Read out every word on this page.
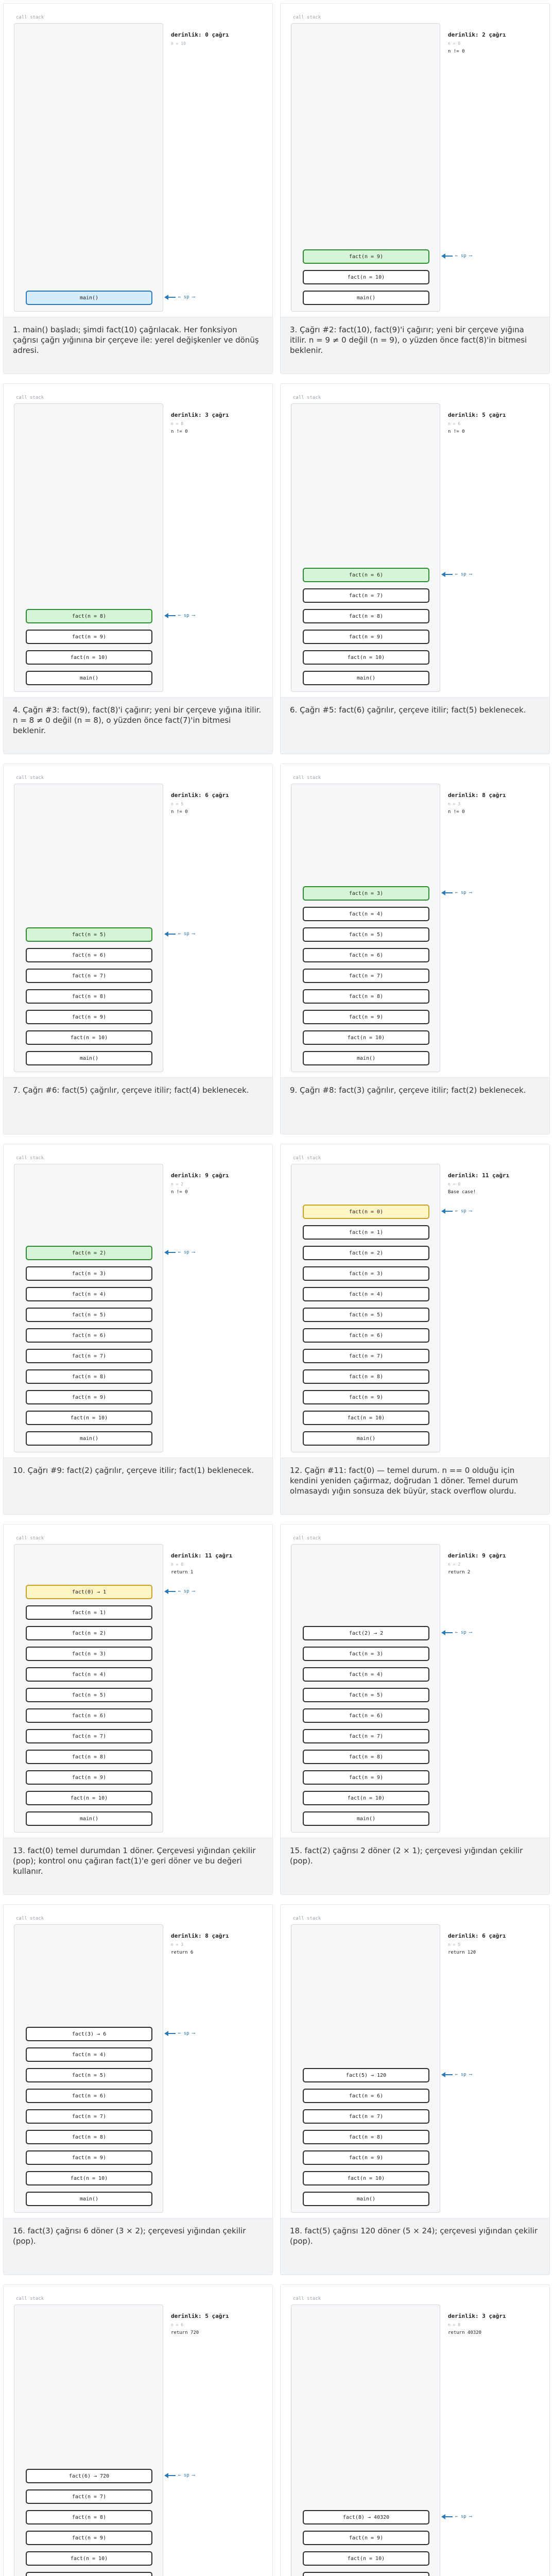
call stack
main()	← sp ⟶
derinlik: 0 çağrı
n = 10
1. main() başladı; şimdi fact(10) çağrılacak. Her fonksiyon çağrısı çağrı yığınına bir çerçeve ile: yerel değişkenler ve dönüş adresi.
call stack
main()
fact(n = 9)
fact(n = 10)
← sp ⟶
derinlik: 2 çağrı
n = 9
n != 0
3. Çağrı #2: fact(10), fact(9)'i çağırır; yeni bir çerçeve yığına itilir. n = 9 ≠ 0 değil (n = 9), o yüzden önce fact(8)'in bitmesi beklenir.
call stack
main()
fact(n = 8)
fact(n = 9)
fact(n = 10)
← sp ⟶
derinlik: 3 çağrı
n = 8
n != 0
4. Çağrı #3: fact(9), fact(8)'i çağırır; yeni bir çerçeve yığına itilir. n = 8 ≠ 0 değil (n = 8), o yüzden önce fact(7)'in bitmesi beklenir.
call stack
main()
fact(n = 6)
fact(n = 7)
fact(n = 8)
fact(n = 9)
fact(n = 10)
← sp ⟶
derinlik: 5 çağrı
n = 6
n != 0
6. Çağrı #5: fact(6) çağrılır, çerçeve itilir; fact(5) beklenecek.
call stack
main()
fact(n = 5)
fact(n = 6)
fact(n = 7)
fact(n = 8)
fact(n = 9)
fact(n = 10)
← sp ⟶
derinlik: 6 çağrı
n = 5
n != 0
7. Çağrı #6: fact(5) çağrılır, çerçeve itilir; fact(4) beklenecek.
call stack
main()
fact(n = 3)
fact(n = 4)
fact(n = 5)
fact(n = 6)
fact(n = 7)
fact(n = 8)
fact(n = 9)
fact(n = 10)
← sp ⟶
derinlik: 8 çağrı
n = 3
n != 0
9. Çağrı #8: fact(3) çağrılır, çerçeve itilir; fact(2) beklenecek.
call stack
main()
fact(n = 2)
fact(n = 3)
fact(n = 4)
fact(n = 5)
fact(n = 6)
fact(n = 7)
fact(n = 8)
fact(n = 9)
fact(n = 10)
← sp ⟶
derinlik: 9 çağrı
n = 2
n != 0
10. Çağrı #9: fact(2) çağrılır, çerçeve itilir; fact(1) beklenecek.
call stack
main()
fact(n = 0)
fact(n = 1)
fact(n = 2)
fact(n = 3)
fact(n = 4)
fact(n = 5)
fact(n = 6)
fact(n = 7)
fact(n = 8)
fact(n = 9)
fact(n = 10)
← sp ⟶
derinlik: 11 çağrı
n = 0
Base case!
12. Çağrı #11: fact(0) — temel durum. n == 0 olduğu için kendini yeniden çağırmaz, doğrudan 1 döner. Temel durum olmasaydı yığın sonsuza dek büyür, stack overflow olurdu.
call stack
main()
fact(0) → 1
fact(n = 1)
fact(n = 2)
fact(n = 3)
fact(n = 4)
fact(n = 5)
fact(n = 6)
fact(n = 7)
fact(n = 8)
fact(n = 9)
fact(n = 10)
← sp ⟶
derinlik: 11 çağrı
n = 0
return 1
13. fact(0) temel durumdan 1 döner. Çerçevesi yığından çekilir (pop); kontrol onu çağıran fact(1)'e geri döner ve bu değeri kullanır.
call stack
main()
fact(2) → 2
fact(n = 3)
fact(n = 4)
fact(n = 5)
fact(n = 6)
fact(n = 7)
fact(n = 8)
fact(n = 9)
fact(n = 10)
← sp ⟶
derinlik: 9 çağrı
n = 2
return 2
15. fact(2) çağrısı 2 döner (2 × 1); çerçevesi yığından çekilir (pop).
call stack
main()
fact(3) → 6
fact(n = 4)
fact(n = 5)
fact(n = 6)
fact(n = 7)
fact(n = 8)
fact(n = 9)
fact(n = 10)
← sp ⟶
derinlik: 8 çağrı
n = 3
return 6
16. fact(3) çağrısı 6 döner (3 × 2); çerçevesi yığından çekilir (pop).
call stack
main()
fact(5) → 120
fact(n = 6)
fact(n = 7)
fact(n = 8)
fact(n = 9)
fact(n = 10)
← sp ⟶
derinlik: 6 çağrı
n = 5
return 120
18. fact(5) çağrısı 120 döner (5 × 24); çerçevesi yığından çekilir (pop).
call stack
fact(6) → 720
fact(n = 7)
fact(n = 8)
fact(n = 9)
fact(n = 10)
← sp ⟶
derinlik: 5 çağrı
n = 6
return 720
call stack
fact(8) → 40320
fact(n = 9)
fact(n = 10)
← sp ⟶
derinlik: 3 çağrı
n = 8
return 40320
